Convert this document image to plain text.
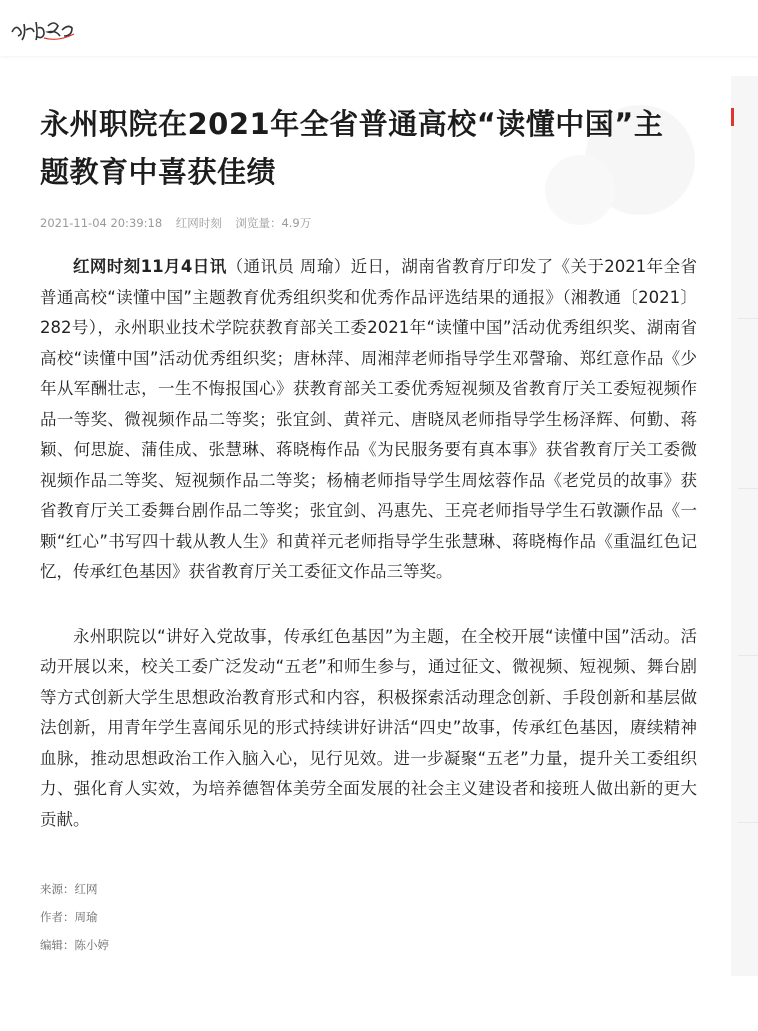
永州职院在2021年全省普通高校“读懂中国”主题教育中喜获佳绩
2021-11-04 20:39:18 红网时刻 浏览量：4.9万

红网时刻11月4日讯（通讯员 周瑜）近日，湖南省教育厅印发了《关于2021年全省普通高校“读懂中国”主题教育优秀组织奖和优秀作品评选结果的通报》（湘教通〔2021〕282号），永州职业技术学院获教育部关工委2021年“读懂中国”活动优秀组织奖、湖南省高校“读懂中国”活动优秀组织奖；唐林萍、周湘萍老师指导学生邓謦瑜、郑红意作品《少年从军酬壮志，一生不悔报国心》获教育部关工委优秀短视频及省教育厅关工委短视频作品一等奖、微视频作品二等奖；张宜剑、黄祥元、唐晓凤老师指导学生杨泽辉、何勤、蒋颖、何思旋、蒲佳成、张慧琳、蒋晓梅作品《为民服务要有真本事》获省教育厅关工委微视频作品二等奖、短视频作品二等奖；杨楠老师指导学生周炫蓉作品《老党员的故事》获省教育厅关工委舞台剧作品二等奖；张宜剑、冯惠先、王亮老师指导学生石敦灏作品《一颗“红心”书写四十载从教人生》和黄祥元老师指导学生张慧琳、蒋晓梅作品《重温红色记忆，传承红色基因》获省教育厅关工委征文作品三等奖。

永州职院以“讲好入党故事，传承红色基因”为主题，在全校开展“读懂中国”活动。活动开展以来，校关工委广泛发动“五老”和师生参与，通过征文、微视频、短视频、舞台剧等方式创新大学生思想政治教育形式和内容，积极探索活动理念创新、手段创新和基层做法创新，用青年学生喜闻乐见的形式持续讲好讲活“四史”故事，传承红色基因，赓续精神血脉，推动思想政治工作入脑入心，见行见效。进一步凝聚“五老”力量，提升关工委组织力、强化育人实效，为培养德智体美劳全面发展的社会主义建设者和接班人做出新的更大贡献。

来源：红网
作者：周瑜
编辑：陈小婷
